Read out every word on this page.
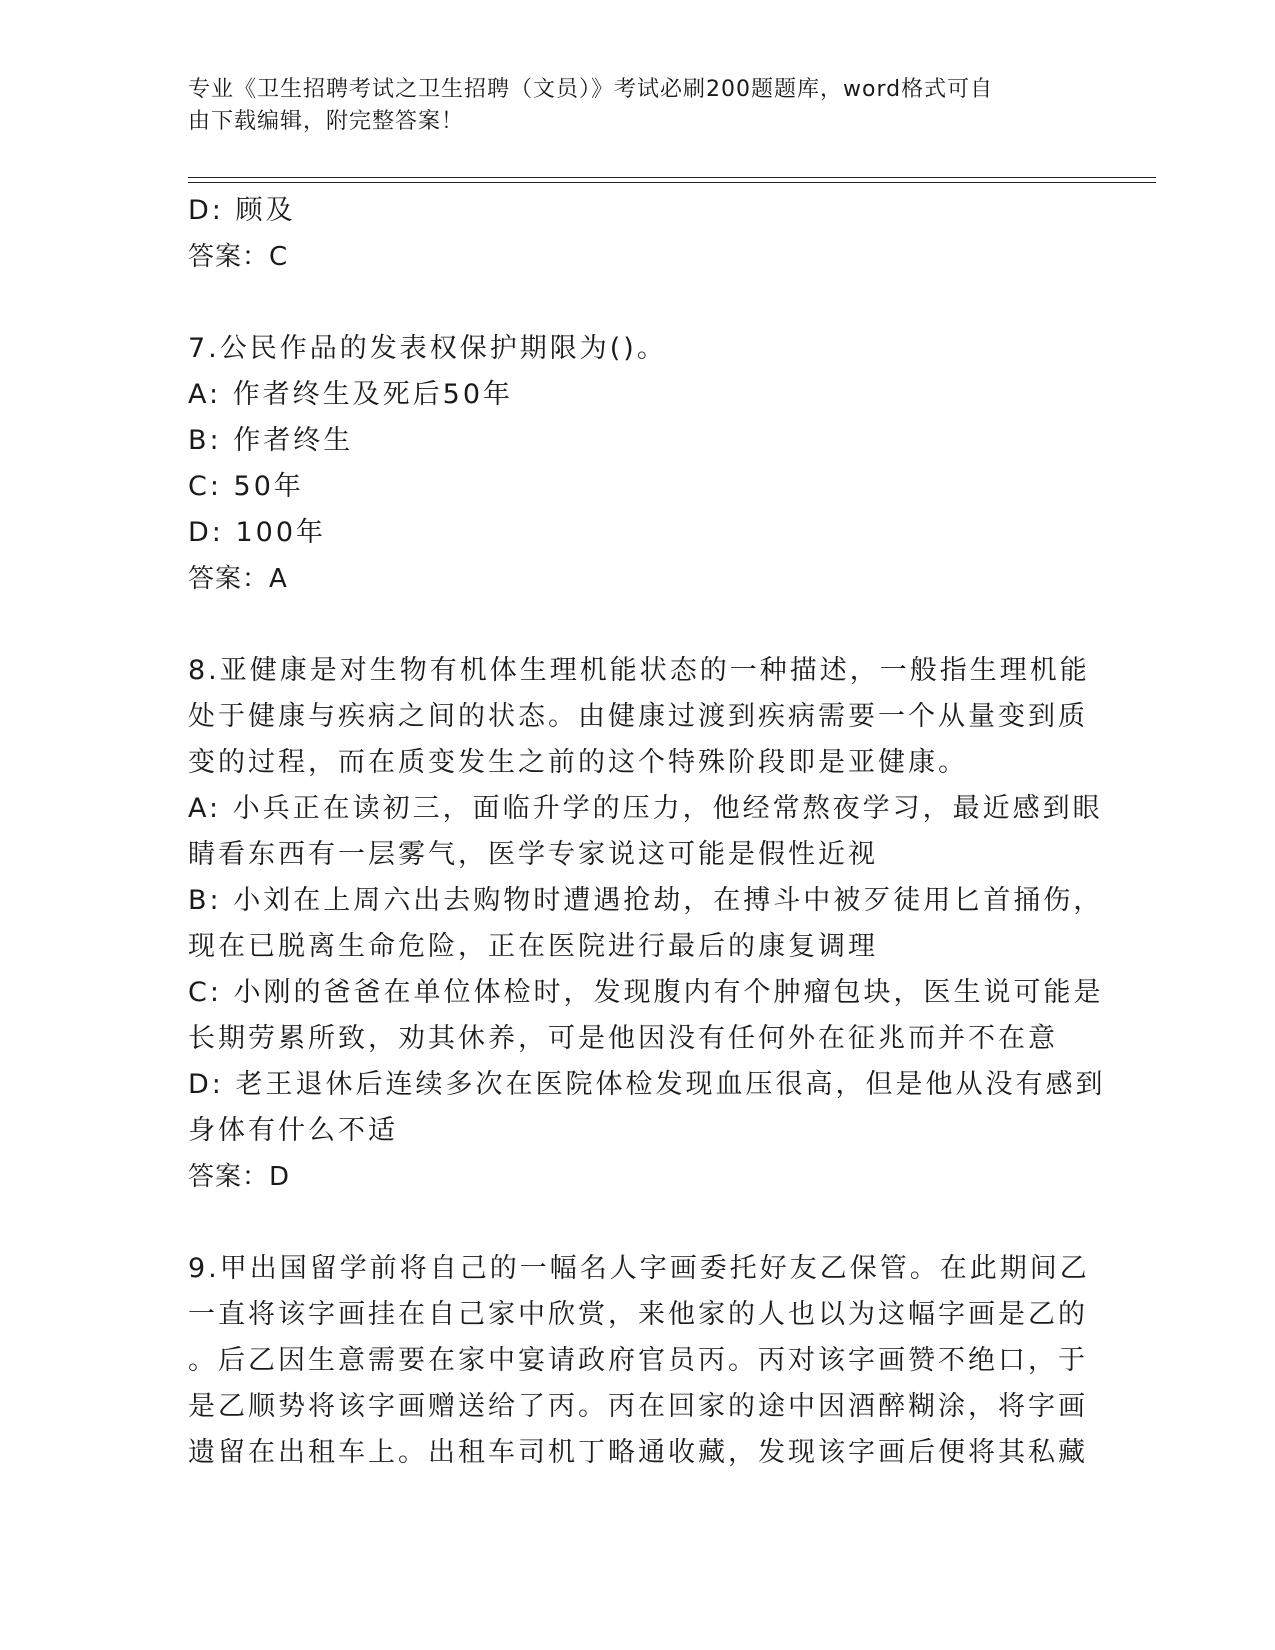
专业《卫生招聘考试之卫生招聘（文员）》考试必刷200题题库，word格式可自
由下载编辑，附完整答案！
D: 顾及
答案：C
7.公民作品的发表权保护期限为()。
A: 作者终生及死后50年
B: 作者终生
C: 50年
D: 100年
答案：A
8.亚健康是对生物有机体生理机能状态的一种描述，一般指生理机能
处于健康与疾病之间的状态。由健康过渡到疾病需要一个从量变到质
变的过程，而在质变发生之前的这个特殊阶段即是亚健康。
A: 小兵正在读初三，面临升学的压力，他经常熬夜学习，最近感到眼
睛看东西有一层雾气，医学专家说这可能是假性近视
B: 小刘在上周六出去购物时遭遇抢劫，在搏斗中被歹徒用匕首捅伤，
现在已脱离生命危险，正在医院进行最后的康复调理
C: 小刚的爸爸在单位体检时，发现腹内有个肿瘤包块，医生说可能是
长期劳累所致，劝其休养，可是他因没有任何外在征兆而并不在意
D: 老王退休后连续多次在医院体检发现血压很高，但是他从没有感到
身体有什么不适
答案：D
9.甲出国留学前将自己的一幅名人字画委托好友乙保管。在此期间乙
一直将该字画挂在自己家中欣赏，来他家的人也以为这幅字画是乙的
。后乙因生意需要在家中宴请政府官员丙。丙对该字画赞不绝口，于
是乙顺势将该字画赠送给了丙。丙在回家的途中因酒醉糊涂，将字画
遗留在出租车上。出租车司机丁略通收藏，发现该字画后便将其私藏
